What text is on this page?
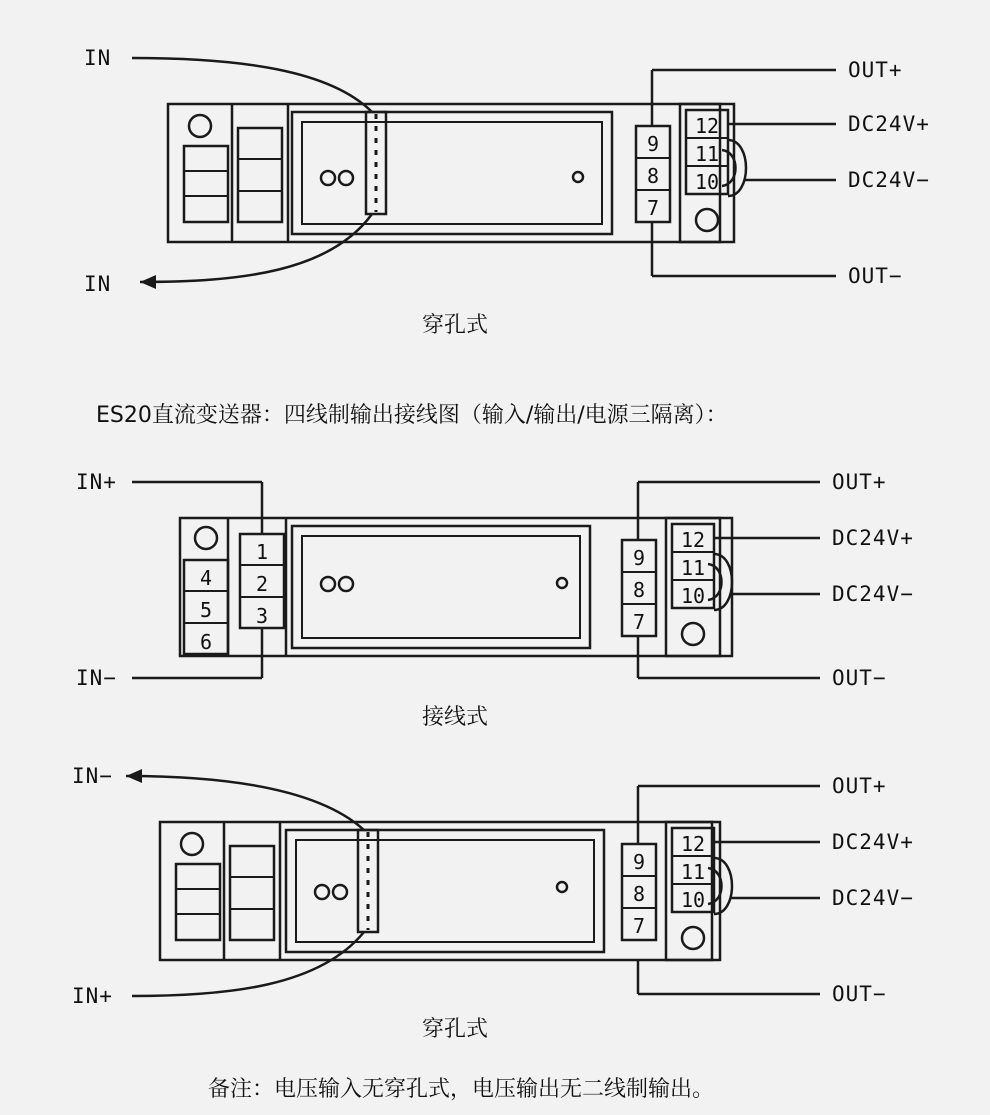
IN
IN
OUT+
DC24V+
DC24V−
OUT−
9
8
7
12
11
10
穿孔式
ES20直流变送器：四线制输出接线图（输入/输出/电源三隔离）：
IN+
IN−
OUT+
DC24V+
DC24V−
OUT−
4
5
6
1
2
3
9
8
7
12
11
10
接线式
IN−
IN+
OUT+
DC24V+
DC24V−
OUT−
9
8
7
12
11
10
穿孔式
备注：电压输入无穿孔式，电压输出无二线制输出。
